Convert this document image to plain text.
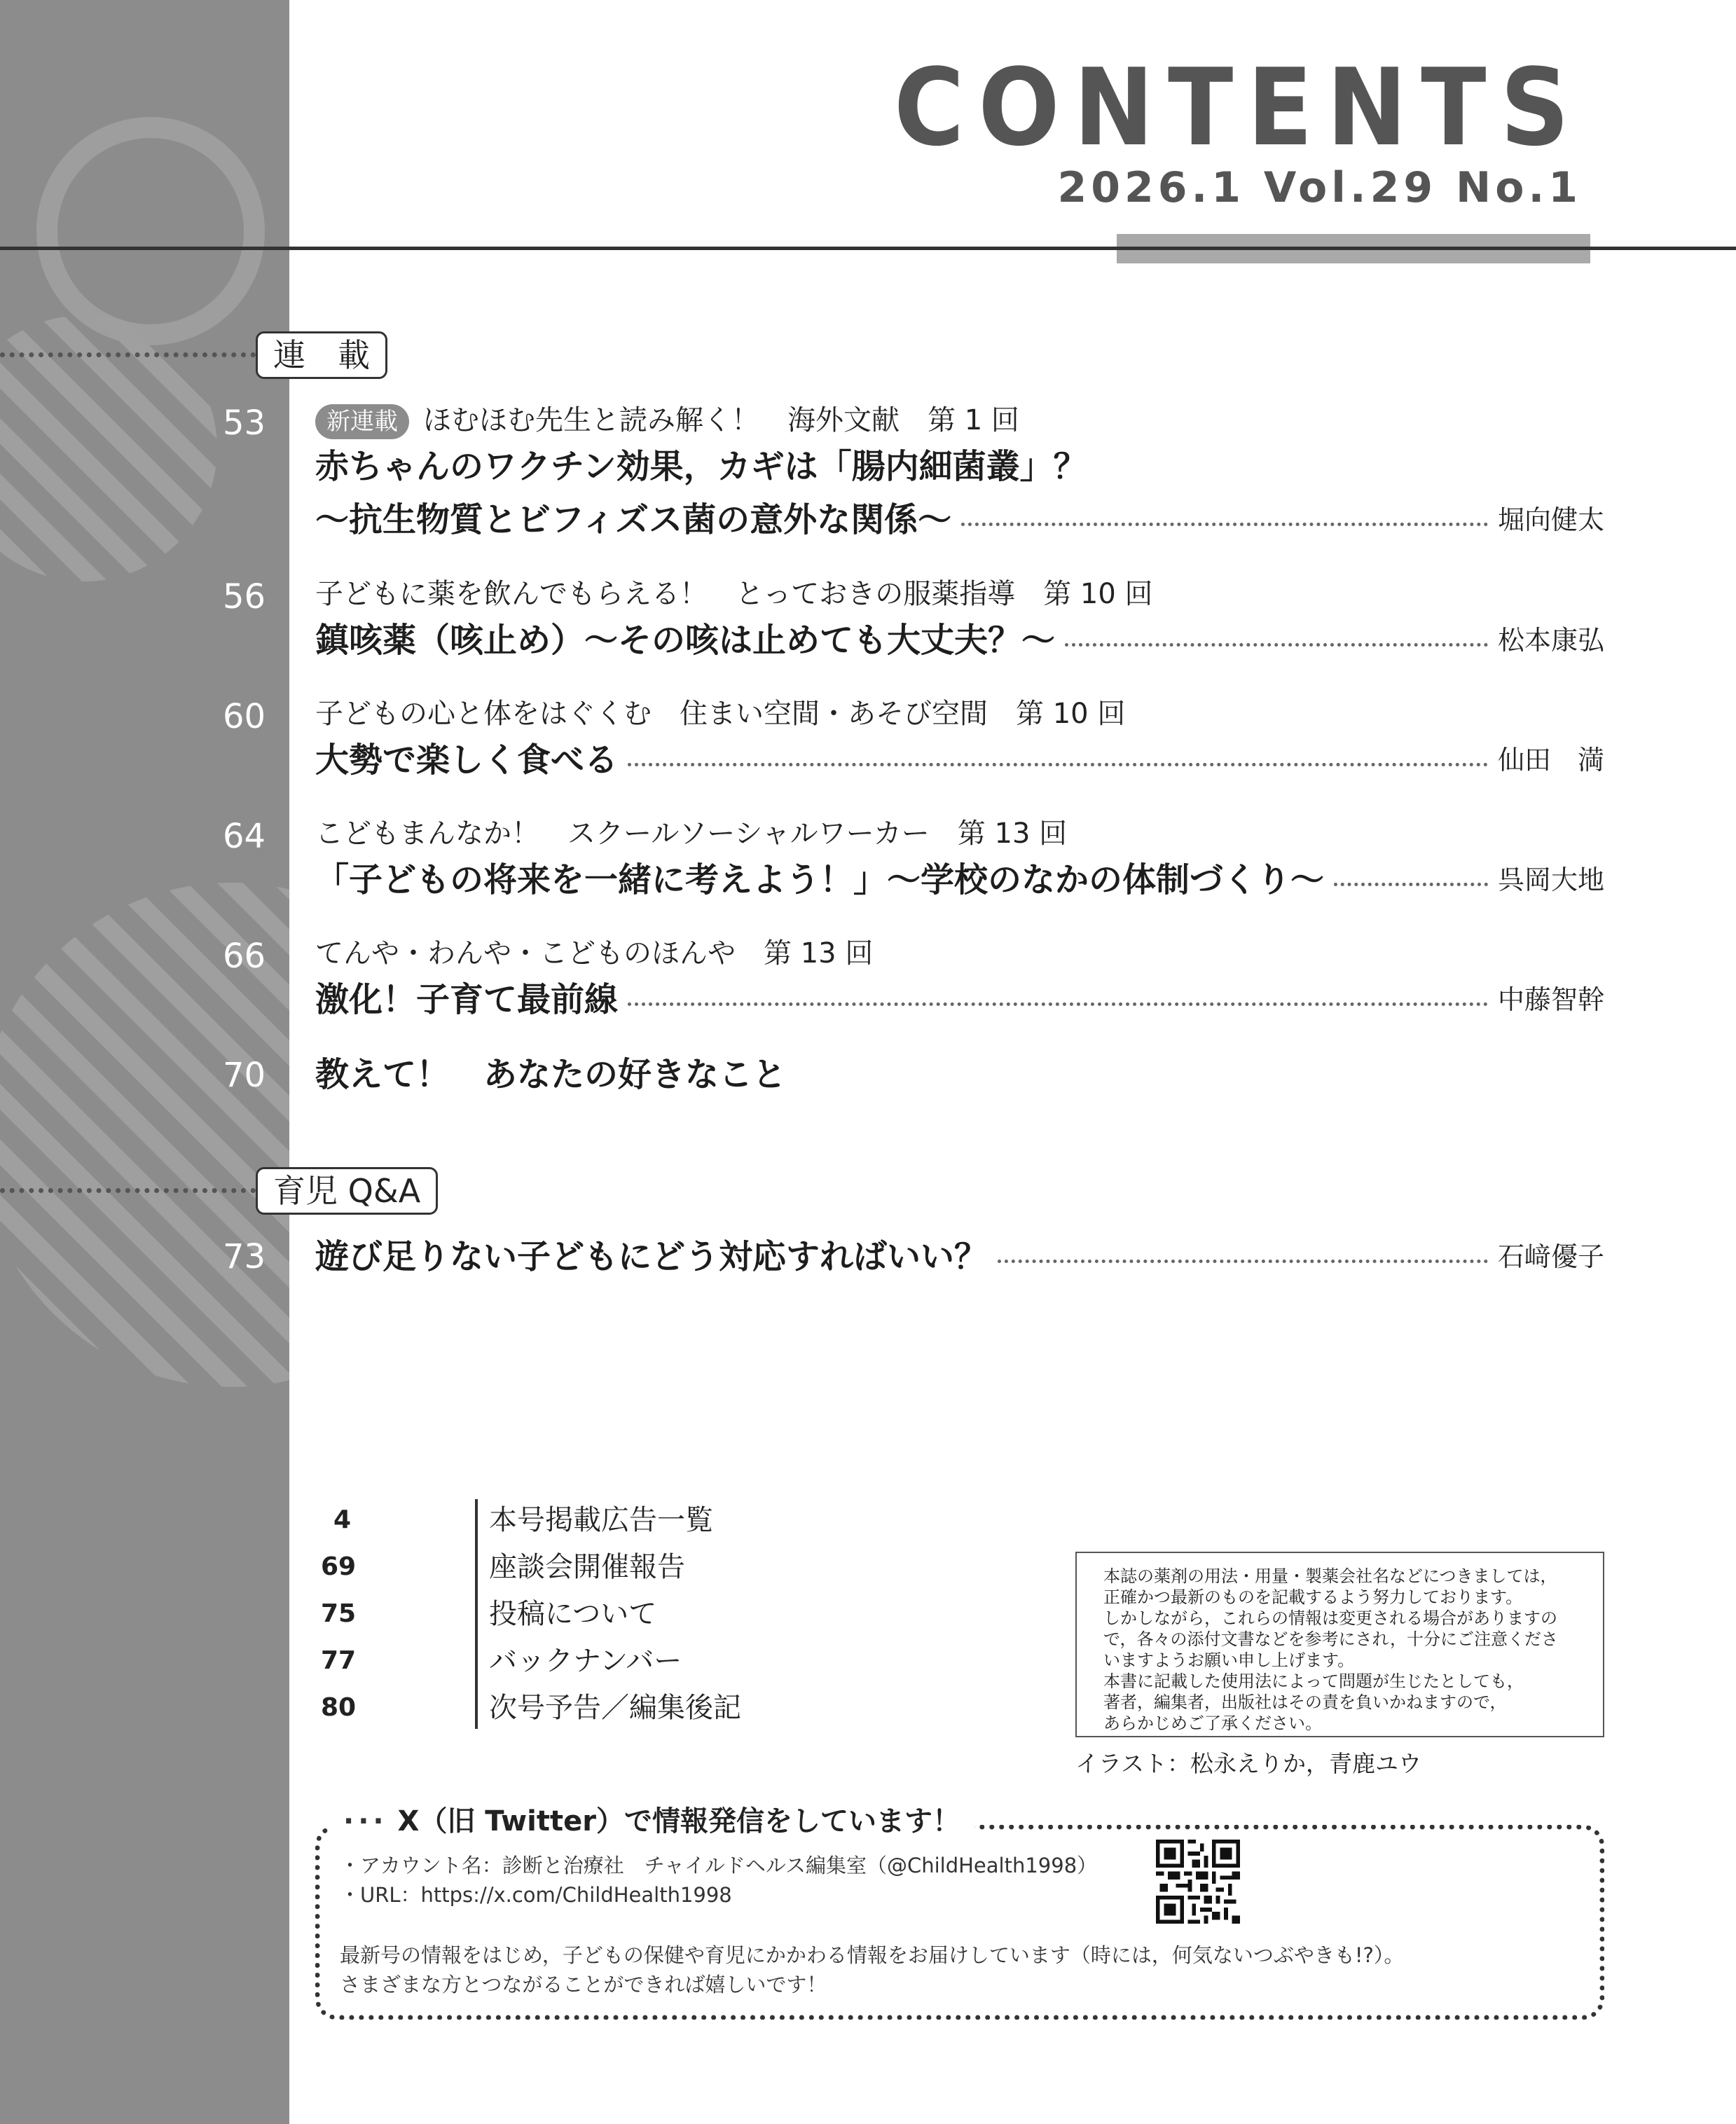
CONTENTS
2026.1 Vol.29 No.1
連　載
53	新連載 ほむほむ先生と読み解く！　海外文献　第 1 回
赤ちゃんのワクチン効果，カギは「腸内細菌叢」？
〜抗生物質とビフィズス菌の意外な関係〜	堀向健太
56 子どもに薬を飲んでもらえる！　とっておきの服薬指導　第 10 回
鎮咳薬（咳止め）〜その咳は止めても大丈夫？〜	松本康弘
60 子どもの心と体をはぐくむ　住まい空間・あそび空間　第 10 回
大勢で楽しく食べる	仙田　満
64 こどもまんなか！　スクールソーシャルワーカー　第 13 回
「子どもの将来を一緒に考えよう！」〜学校のなかの体制づくり〜	呉岡大地
66 てんや・わんや・こどものほんや　第 13 回
激化！子育て最前線	中藤智幹
70 教えて！　あなたの好きなこと
育児 Q&A
73 遊び足りない子どもにどう対応すればいい？	石﨑優子
4	本号掲載広告一覧
69	座談会開催報告
75	投稿について
77	バックナンバー
80	次号予告／編集後記
本誌の薬剤の用法・用量・製薬会社名などにつきましては，
正確かつ最新のものを記載するよう努力しております。
しかしながら，これらの情報は変更される場合がありますの
で，各々の添付文書などを参考にされ，十分にご注意くださ
いますようお願い申し上げます。
本書に記載した使用法によって問題が生じたとしても，
著者，編集者，出版社はその責を負いかねますので，
あらかじめご了承ください。
イラスト：松永えりか，青鹿ユウ
··· X（旧 Twitter）で情報発信をしています！
・アカウント名：診断と治療社　チャイルドヘルス編集室（@ChildHealth1998）
・URL：https://x.com/ChildHealth1998
最新号の情報をはじめ，子どもの保健や育児にかかわる情報をお届けしています（時には，何気ないつぶやきも!?）。
さまざまな方とつながることができれば嬉しいです！
